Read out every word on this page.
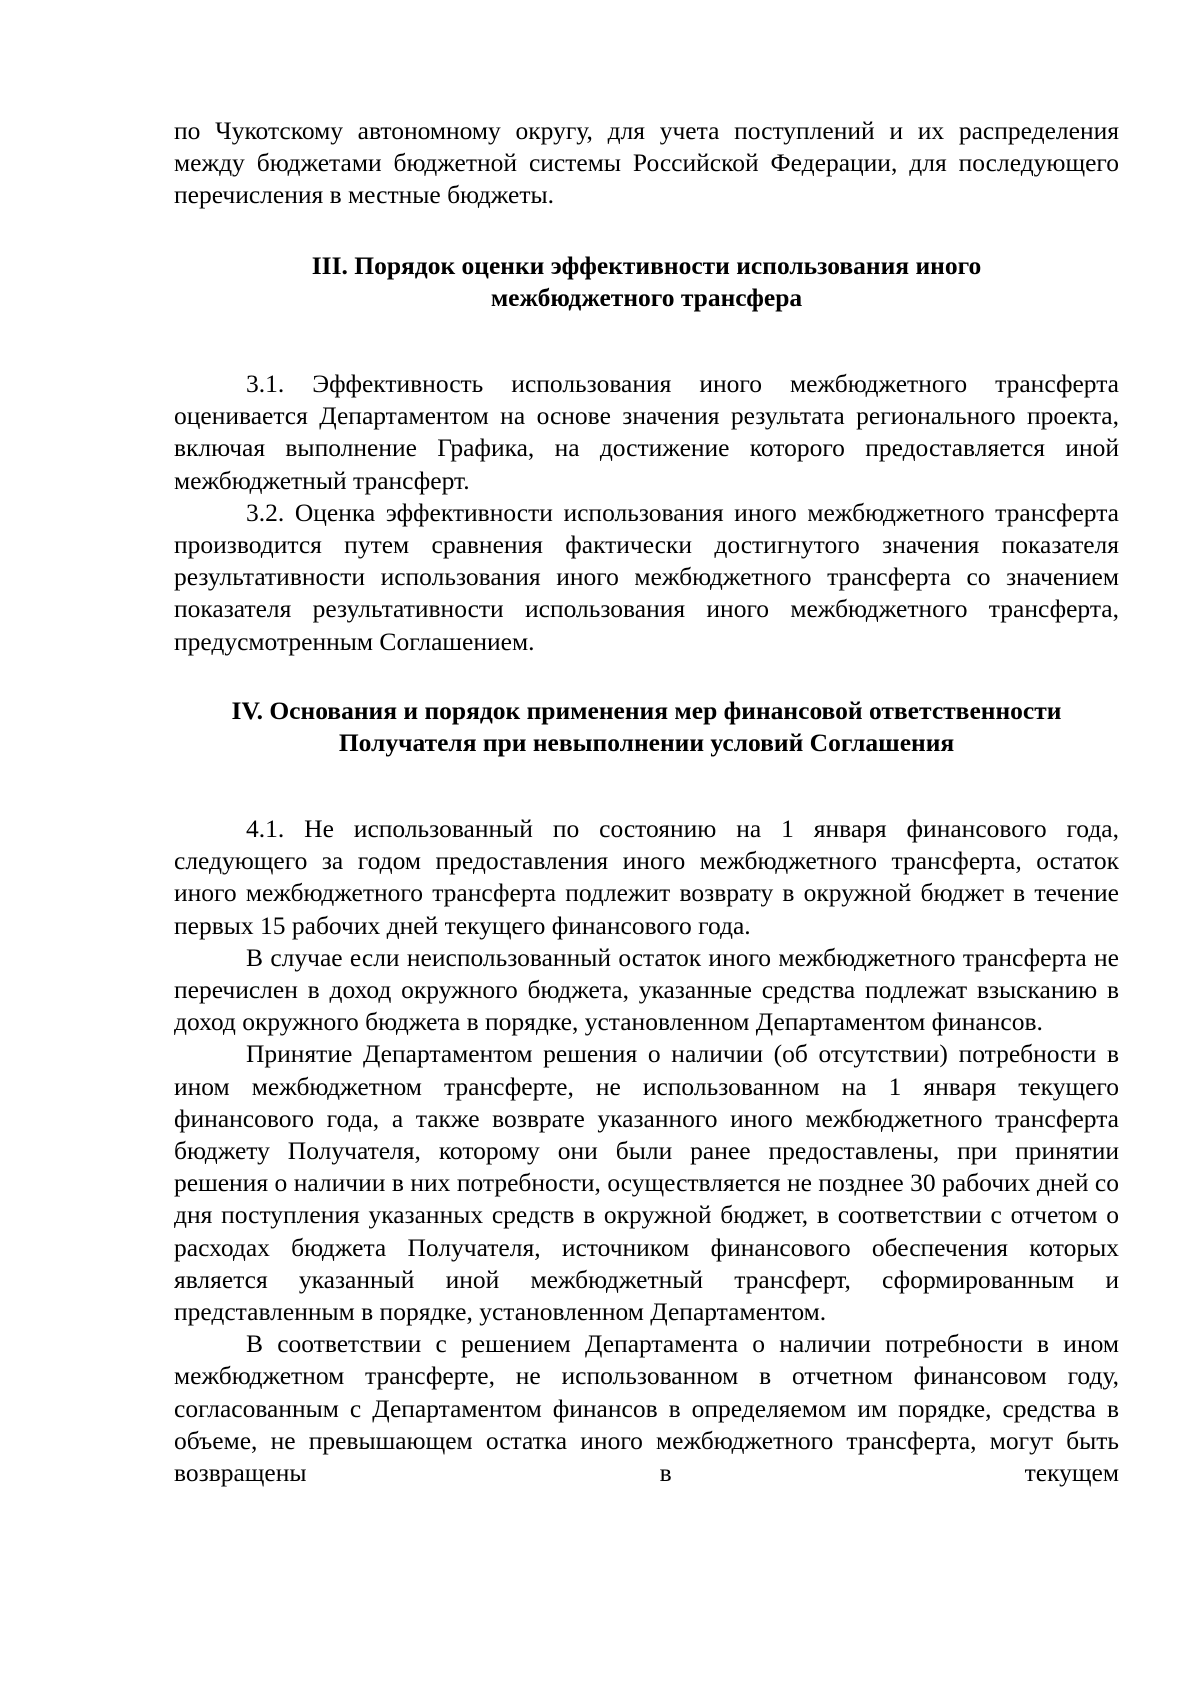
по Чукотскому автономному округу, для учета поступлений и их распределения между бюджетами бюджетной системы Российской Федерации, для последующего перечисления в местные бюджеты.

III. Порядок оценки эффективности использования иного
межбюджетного трансфера

3.1. Эффективность использования иного межбюджетного трансферта оценивается Департаментом на основе значения результата регионального проекта, включая выполнение Графика, на достижение которого предоставляется иной межбюджетный трансферт.

3.2. Оценка эффективности использования иного межбюджетного трансферта производится путем сравнения фактически достигнутого значения показателя результативности использования иного межбюджетного трансферта со значением показателя результативности использования иного межбюджетного трансферта, предусмотренным Соглашением.

IV. Основания и порядок применения мер финансовой ответственности
Получателя при невыполнении условий Соглашения

4.1. Не использованный по состоянию на 1 января финансового года, следующего за годом предоставления иного межбюджетного трансферта, остаток иного межбюджетного трансферта подлежит возврату в окружной бюджет в течение первых 15 рабочих дней текущего финансового года.

В случае если неиспользованный остаток иного межбюджетного трансферта не перечислен в доход окружного бюджета, указанные средства подлежат взысканию в доход окружного бюджета в порядке, установленном Департаментом финансов.

Принятие Департаментом решения о наличии (об отсутствии) потребности в ином межбюджетном трансферте, не использованном на 1 января текущего финансового года, а также возврате указанного иного межбюджетного трансферта бюджету Получателя, которому они были ранее предоставлены, при принятии решения о наличии в них потребности, осуществляется не позднее 30 рабочих дней со дня поступления указанных средств в окружной бюджет, в соответствии с отчетом о расходах бюджета Получателя, источником финансового обеспечения которых является указанный иной межбюджетный трансферт, сформированным и представленным в порядке, установленном Департаментом.

В соответствии с решением Департамента о наличии потребности в ином межбюджетном трансферте, не использованном в отчетном финансовом году, согласованным с Департаментом финансов в определяемом им порядке, средства в объеме, не превышающем остатка иного межбюджетного трансферта, могут быть возвращены в текущем
